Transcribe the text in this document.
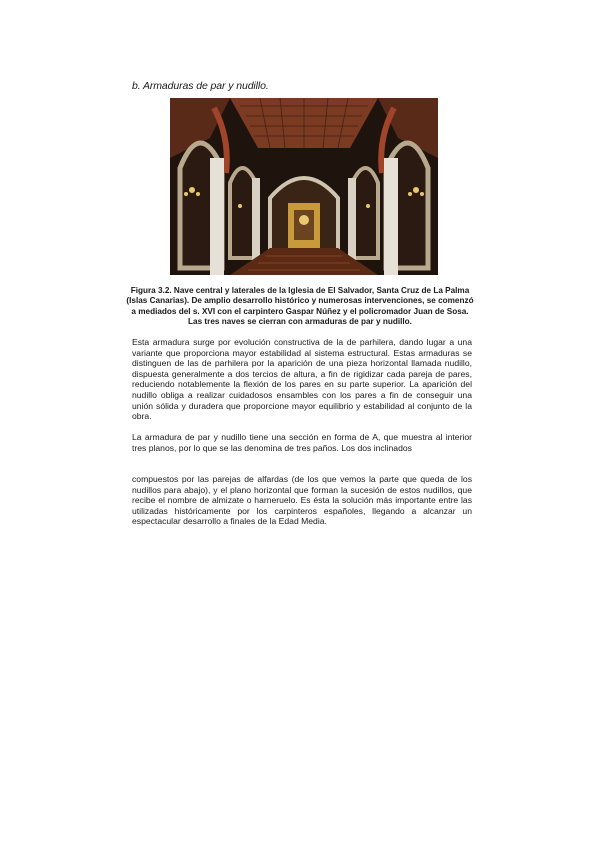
b. Armaduras de par y nudillo.

Figura 3.2. Nave central y laterales de la Iglesia de El Salvador, Santa Cruz de La Palma (Islas Canarias). De amplio desarrollo histórico y numerosas intervenciones, se comenzó a mediados del s. XVI con el carpintero Gaspar Núñez y el policromador Juan de Sosa. Las tres naves se cierran con armaduras de par y nudillo.

Esta armadura surge por evolución constructiva de la de parhilera, dando lugar a una variante que proporciona mayor estabilidad al sistema estructural. Estas armaduras se distinguen de las de parhilera por la aparición de una pieza horizontal llamada nudillo, dispuesta generalmente a dos tercios de altura, a fin de rigidizar cada pareja de pares, reduciendo notablemente la flexión de los pares en su parte superior. La aparición del nudillo obliga a realizar cuidadosos ensambles con los pares a fin de conseguir una unión sólida y duradera que proporcione mayor equilibrio y estabilidad al conjunto de la obra.

La armadura de par y nudillo tiene una sección en forma de A, que muestra al interior tres planos, por lo que se las denomina de tres paños. Los dos inclinados

compuestos por las parejas de alfardas (de los que vemos la parte que queda de los nudillos para abajo), y el plano horizontal que forman la sucesión de estos nudillos, que recibe el nombre de almizate o harneruelo. Es ésta la solución más importante entre las utilizadas históricamente por los carpinteros españoles, llegando a alcanzar un espectacular desarrollo a finales de la Edad Media.
